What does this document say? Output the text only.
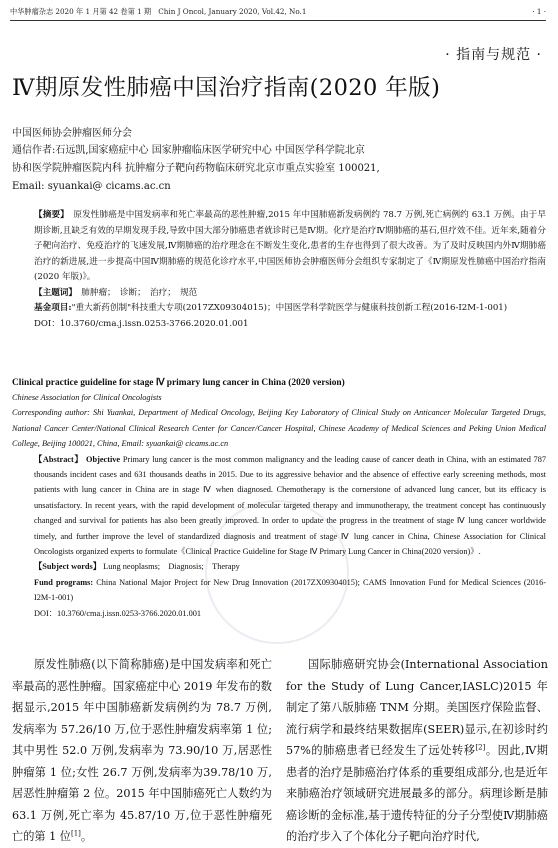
中华肿瘤杂志 2020 年 1 月第 42 卷第 1 期　Chin J Oncol, January 2020, Vol.42, No.1	· 1 ·
· 指南与规范 ·
Ⅳ期原发性肺癌中国治疗指南(2020 年版)
中国医师协会肿瘤医师分会
通信作者:石远凯,国家癌症中心 国家肿瘤临床医学研究中心 中国医学科学院北京
协和医学院肿瘤医院内科 抗肿瘤分子靶向药物临床研究北京市重点实验室 100021,
Email: syuankai@ cicams.ac.cn
【摘要】　原发性肺癌是中国发病率和死亡率最高的恶性肿瘤,2015 年中国肺癌新发病例约 78.7 万例,死亡病例约 63.1 万例。由于早期诊断,且缺乏有效的早期发现手段,导致中国大部分肺癌患者就诊时已是Ⅳ期。化疗是治疗Ⅳ期肺癌的基石,但疗效不佳。近年来,随着分子靶向治疗、免疫治疗的飞速发展,Ⅳ期肺癌的治疗理念在不断发生变化,患者的生存也得到了很大改善。为了及时反映国内外Ⅳ期肺癌治疗的新进展,进一步提高中国Ⅳ期肺癌的规范化诊疗水平,中国医师协会肿瘤医师分会组织专家制定了《Ⅳ期原发性肺癌中国治疗指南(2020 年版)》。
【主题词】　肺肿瘤；　诊断；　治疗；　规范
基金项目:"重大新药创制"科技重大专项(2017ZX09304015)；中国医学科学院医学与健康科技创新工程(2016-I2M-1-001)
DOI：10.3760/cma.j.issn.0253-3766.2020.01.001
Clinical practice guideline for stage Ⅳ primary lung cancer in China (2020 version)
Chinese Association for Clinical Oncologists
Corresponding author: Shi Yuankai, Department of Medical Oncology, Beijing Key Laboratory of Clinical Study on Anticancer Molecular Targeted Drugs, National Cancer Center/National Clinical Research Center for Cancer/Cancer Hospital, Chinese Academy of Medical Sciences and Peking Union Medical College, Beijing 100021, China, Email: syuankai@ cicams.ac.cn
【Abstract】 Objective Primary lung cancer is the most common malignancy and the leading cause of cancer death in China, with an estimated 787 thousands incident cases and 631 thousands deaths in 2015. Due to its aggressive behavior and the absence of effective early screening methods, most patients with lung cancer in China are in stage Ⅳ when diagnosed. Chemotherapy is the cornerstone of advanced lung cancer, but its efficacy is unsatisfactory. In recent years, with the rapid development of molecular targeted therapy and immunotherapy, the treatment concept has continuously changed and survival for patients has also been greatly improved. In order to update the progress in the treatment of stage Ⅳ lung cancer worldwide timely, and further improve the level of standardized diagnosis and treatment of stage Ⅳ lung cancer in China, Chinese Association for Clinical Oncologists organized experts to formulate《Clinical Practice Guideline for Stage Ⅳ Primary Lung Cancer in China(2020 version)》.
【Subject words】 Lung neoplasms;　Diagnosis;　Therapy
Fund programs: China National Major Project for New Drug Innovation (2017ZX09304015); CAMS Innovation Fund for Medical Sciences (2016-I2M-1-001)
DOI：10.3760/cma.j.issn.0253-3766.2020.01.001
原发性肺癌(以下简称肺癌)是中国发病率和死亡率最高的恶性肿瘤。国家癌症中心 2019 年发布的数据显示,2015 年中国肺癌新发病例约为 78.7 万例,发病率为 57.26/10 万,位于恶性肿瘤发病率第 1 位;其中男性 52.0 万例,发病率为 73.90/10 万,居恶性肿瘤第 1 位;女性 26.7 万例,发病率为39.78/10 万,居恶性肿瘤第 2 位。2015 年中国肺癌死亡人数约为 63.1 万例,死亡率为 45.87/10 万,位于恶性肿瘤死亡的第 1 位[1]。
国际肺癌研究协会(International Association for the Study of Lung Cancer,IASLC)2015 年制定了第八版肺癌 TNM 分期。美国医疗保险监督、流行病学和最终结果数据库(SEER)显示,在初诊时约 57%的肺癌患者已经发生了远处转移[2]。因此,Ⅳ期患者的治疗是肺癌治疗体系的重要组成部分,也是近年来肺癌治疗领域研究进展最多的部分。病理诊断是肺癌诊断的金标准,基于遗传特征的分子分型使Ⅳ期肺癌的治疗步入了个体化分子靶向治疗时代,
